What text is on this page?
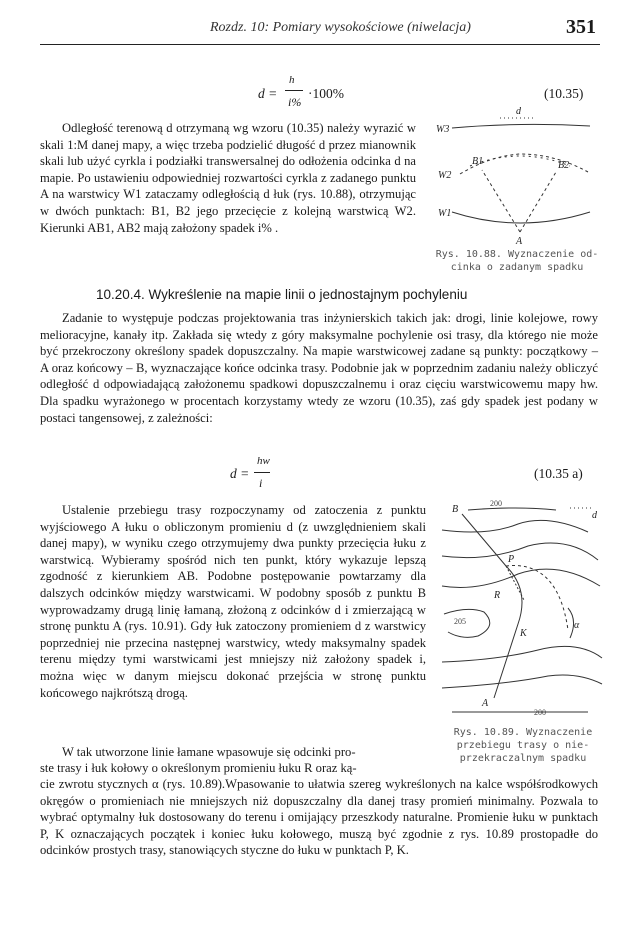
Rozdz. 10: Pomiary wysokościowe (niwelacja)	351
d =
h
i%
·100%	(10.35)

Odległość terenową d otrzymaną wg wzoru (10.35) należy wyrazić w skali 1:M danej mapy, a więc trzeba podzielić długość d przez mianownik skali lub użyć cyrkla i podziałki transwersalnej do odłożenia odcinka d na mapie. Po ustawieniu odpowiedniej rozwartości cyrkla z zadanego punktu A na warstwicy W1 zataczamy odległością d łuk (rys. 10.88), otrzymując w dwóch punktach: B1, B2 jego przecięcie z kolejną warstwicą W2. Kierunki AB1, AB2 mają założony spadek i% .

d
W3
W2
W1
B1	B2
A
Rys. 10.88. Wyznaczenie od-
cinka o zadanym spadku
10.20.4. Wykreślenie na mapie linii o jednostajnym pochyleniu

Zadanie to występuje podczas projektowania tras inżynierskich takich jak: drogi, linie kolejowe, rowy melioracyjne, kanały itp. Zakłada się wtedy z góry maksymalne pochylenie osi trasy, dla którego nie może być przekroczony określony spadek dopuszczalny. Na mapie warstwicowej zadane są punkty: początkowy – A oraz końcowy – B, wyznaczające końce odcinka trasy. Podobnie jak w poprzednim zadaniu należy obliczyć odległość d odpowiadającą założonemu spadkowi dopuszczalnemu i oraz cięciu warstwicowemu mapy hw. Dla spadku wyrażonego w procentach korzystamy wtedy ze wzoru (10.35), zaś gdy spadek jest podany w postaci tangensowej, z zależności:

d =
hw
i
(10.35 a)

Ustalenie przebiegu trasy rozpoczynamy od zatoczenia z punktu wyjściowego A łuku o obliczonym promieniu d (z uwzględnieniem skali danej mapy), w wyniku czego otrzymujemy dwa punkty przecięcia łuku z warstwicą. Wybieramy spośród nich ten punkt, który wykazuje lepszą zgodność z kierunkiem AB. Podobne postępowanie powtarzamy dla dalszych odcinków między warstwicami. W podobny sposób z punktu B wyprowadzamy drugą linię łamaną, złożoną z odcinków d i zmierzającą w stronę punktu A (rys. 10.91). Gdy łuk zatoczony promieniem d z warstwicy poprzedniej nie przecina następnej warstwicy, wtedy maksymalny spadek terenu między tymi warstwicami jest mniejszy niż założony spadek i, można więc w danym miejscu dokonać przejścia w stronę punktu końcowego najkrótszą drogą.

W tak utworzone linie łamane wpasowuje się odcinki pro-

ste trasy i łuk kołowy o określonym promieniu łuku R oraz ką-

cie zwrotu stycznych α (rys. 10.89).Wpasowanie to ułatwia szereg wykreślonych na kalce współśrodkowych okręgów o promieniach nie mniejszych niż dopuszczalny dla danej trasy promień minimalny. Pozwala to wybrać optymalny łuk dostosowany do terenu i omijający przeszkody naturalne. Promienie łuku w punktach P, K oznaczających początek i koniec łuku kołowego, muszą być zgodnie z rys. 10.89 prostopadłe do odcinków prostych trasy, stanowiących styczne do łuku w punktach P, K.

B
d
P
R
α
K
A
200
205
200
Rys. 10.89. Wyznaczenie
przebiegu trasy o nie-
przekraczalnym spadku
